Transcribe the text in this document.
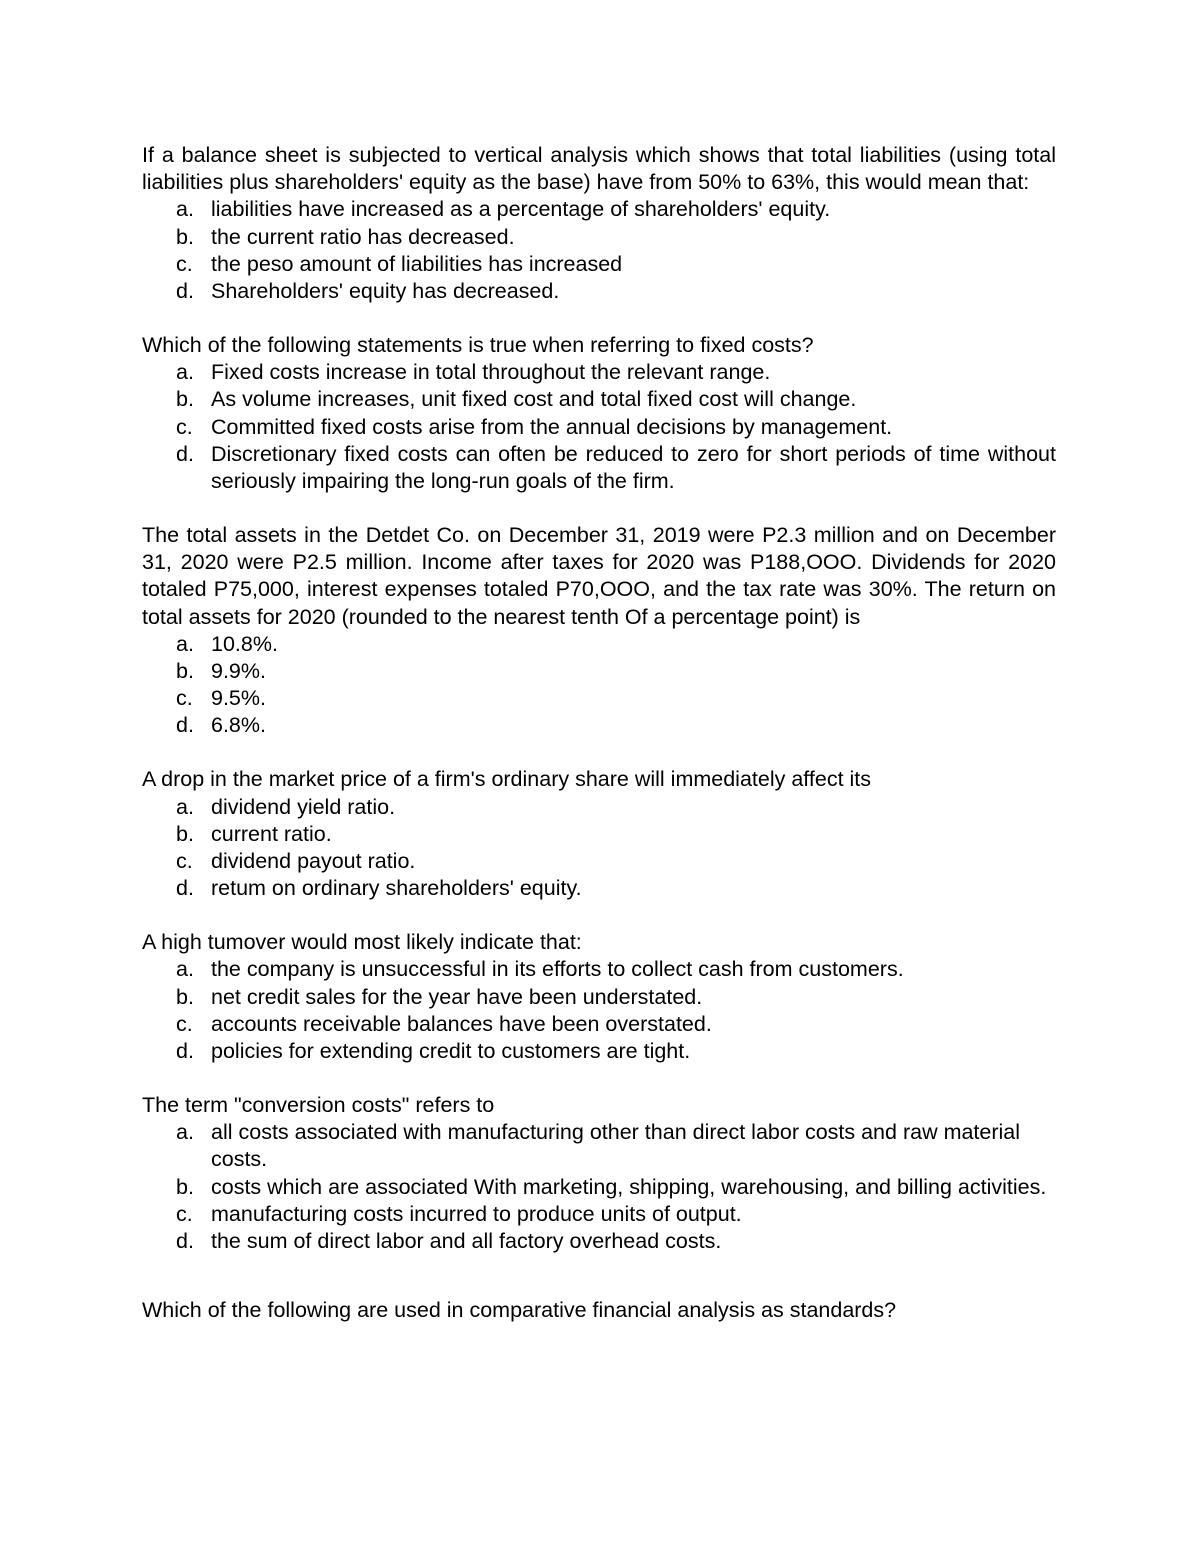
If a balance sheet is subjected to vertical analysis which shows that total liabilities (using total liabilities plus shareholders' equity as the base) have from 50% to 63%, this would mean that:

a. liabilities have increased as a percentage of shareholders' equity.
b. the current ratio has decreased.
c. the peso amount of liabilities has increased
d. Shareholders' equity has decreased.

Which of the following statements is true when referring to fixed costs?

a. Fixed costs increase in total throughout the relevant range.
b. As volume increases, unit fixed cost and total fixed cost will change.
c. Committed fixed costs arise from the annual decisions by management.
d. Discretionary fixed costs can often be reduced to zero for short periods of time without seriously impairing the long-run goals of the firm.

The total assets in the Detdet Co. on December 31, 2019 were P2.3 million and on December 31, 2020 were P2.5 million. Income after taxes for 2020 was P188,OOO. Dividends for 2020 totaled P75,000, interest expenses totaled P70,OOO, and the tax rate was 30%. The return on total assets for 2020 (rounded to the nearest tenth Of a percentage point) is

a. 10.8%.
b. 9.9%.
c. 9.5%.
d. 6.8%.

A drop in the market price of a firm's ordinary share will immediately affect its

a. dividend yield ratio.
b. current ratio.
c. dividend payout ratio.
d. retum on ordinary shareholders' equity.

A high tumover would most likely indicate that:

a. the company is unsuccessful in its efforts to collect cash from customers.
b. net credit sales for the year have been understated.
c. accounts receivable balances have been overstated.
d. policies for extending credit to customers are tight.

The term "conversion costs" refers to

a. all costs associated with manufacturing other than direct labor costs and raw material costs.
b. costs which are associated With marketing, shipping, warehousing, and billing activities.
c. manufacturing costs incurred to produce units of output.
d. the sum of direct labor and all factory overhead costs.

Which of the following are used in comparative financial analysis as standards?
